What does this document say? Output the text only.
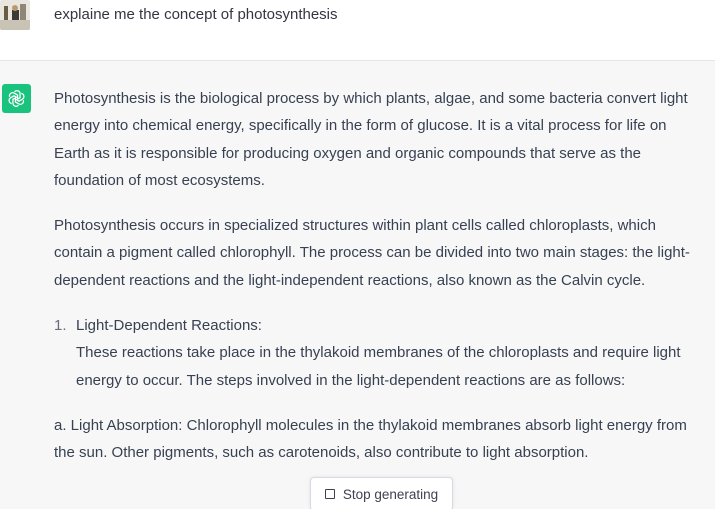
explaine me the concept of photosynthesis

Photosynthesis is the biological process by which plants, algae, and some bacteria convert light energy into chemical energy, specifically in the form of glucose. It is a vital process for life on Earth as it is responsible for producing oxygen and organic compounds that serve as the foundation of most ecosystems.

Photosynthesis occurs in specialized structures within plant cells called chloroplasts, which contain a pigment called chlorophyll. The process can be divided into two main stages: the light-dependent reactions and the light-independent reactions, also known as the Calvin cycle.

1. Light-Dependent Reactions:
These reactions take place in the thylakoid membranes of the chloroplasts and require light energy to occur. The steps involved in the light-dependent reactions are as follows:

a. Light Absorption: Chlorophyll molecules in the thylakoid membranes absorb light energy from the sun. Other pigments, such as carotenoids, also contribute to light absorption.

Stop generating
